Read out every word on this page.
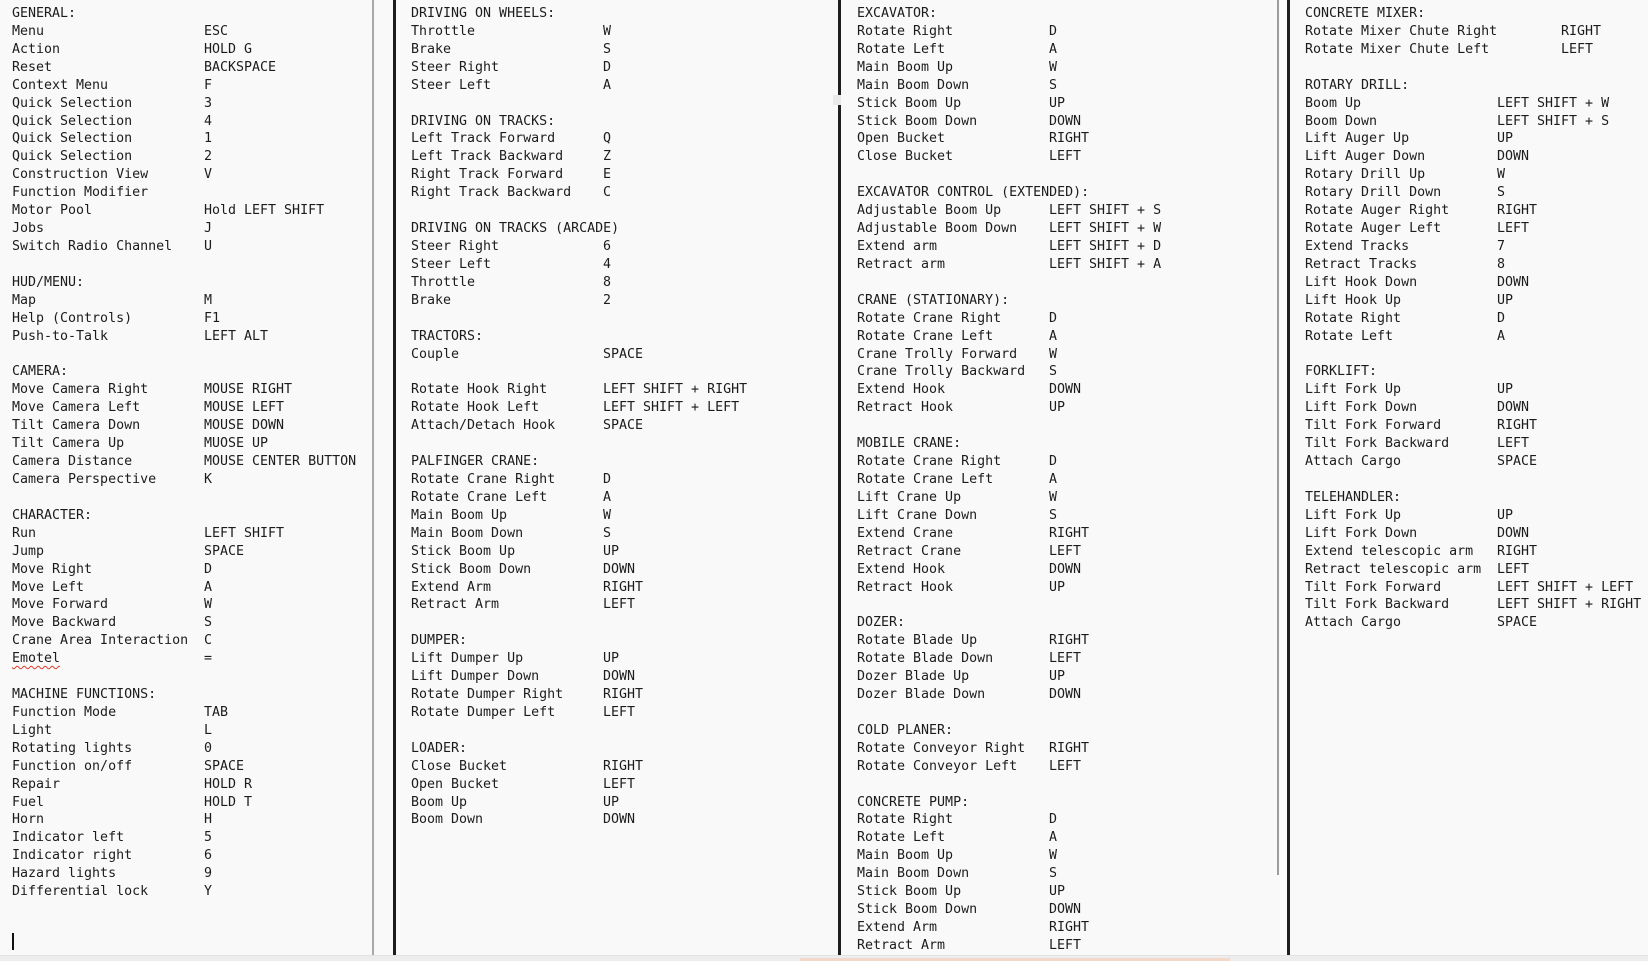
GENERAL:
Menu	ESC
Action	HOLD G
Reset	BACKSPACE
Context Menu	F
Quick Selection	3
Quick Selection	4
Quick Selection	1
Quick Selection	2
Construction View	V
Function Modifier
Motor Pool	Hold LEFT SHIFT
Jobs	J
Switch Radio Channel U
HUD/MENU:
Map	M
Help (Controls)	F1
Push-to-Talk	LEFT ALT
CAMERA:
Move Camera Right	MOUSE RIGHT
Move Camera Left	MOUSE LEFT
Tilt Camera Down	MOUSE DOWN
Tilt Camera Up	MUOSE UP
Camera Distance	MOUSE CENTER BUTTON
Camera Perspective	K
CHARACTER:
Run	LEFT SHIFT
Jump	SPACE
Move Right	D
Move Left	A
Move Forward	W
Move Backward	S
Crane Area Interaction C
Emotel	=
MACHINE FUNCTIONS:
Function Mode	TAB
Light	L
Rotating lights	0
Function on/off	SPACE
Repair	HOLD R
Fuel	HOLD T
Horn	H
Indicator left	5
Indicator right	6
Hazard lights	9
Differential lock	Y
DRIVING ON WHEELS:
Throttle	W
Brake	S
Steer Right	D
Steer Left	A
DRIVING ON TRACKS:
Left Track Forward	Q
Left Track Backward	Z
Right Track Forward	E
Right Track Backward C
DRIVING ON TRACKS (ARCADE)
Steer Right	6
Steer Left	4
Throttle	8
Brake	2
TRACTORS:
Couple	SPACE
Rotate Hook Right	LEFT SHIFT + RIGHT
Rotate Hook Left	LEFT SHIFT + LEFT
Attach/Detach Hook	SPACE
PALFINGER CRANE:
Rotate Crane Right	D
Rotate Crane Left	A
Main Boom Up	W
Main Boom Down	S
Stick Boom Up	UP
Stick Boom Down	DOWN
Extend Arm	RIGHT
Retract Arm	LEFT
DUMPER:
Lift Dumper Up	UP
Lift Dumper Down	DOWN
Rotate Dumper Right	RIGHT
Rotate Dumper Left	LEFT
LOADER:
Close Bucket	RIGHT
Open Bucket	LEFT
Boom Up	UP
Boom Down	DOWN
EXCAVATOR:
Rotate Right	D
Rotate Left	A
Main Boom Up	W
Main Boom Down	S
Stick Boom Up	UP
Stick Boom Down	DOWN
Open Bucket	RIGHT
Close Bucket	LEFT
EXCAVATOR CONTROL (EXTENDED):
Adjustable Boom Up	LEFT SHIFT + S
Adjustable Boom Down LEFT SHIFT + W
Extend arm	LEFT SHIFT + D
Retract arm	LEFT SHIFT + A
CRANE (STATIONARY):
Rotate Crane Right	D
Rotate Crane Left	A
Crane Trolly Forward W
Crane Trolly Backward S
Extend Hook	DOWN
Retract Hook	UP
MOBILE CRANE:
Rotate Crane Right	D
Rotate Crane Left	A
Lift Crane Up	W
Lift Crane Down	S
Extend Crane	RIGHT
Retract Crane	LEFT
Extend Hook	DOWN
Retract Hook	UP
DOZER:
Rotate Blade Up	RIGHT
Rotate Blade Down	LEFT
Dozer Blade Up	UP
Dozer Blade Down	DOWN
COLD PLANER:
Rotate Conveyor Right RIGHT
Rotate Conveyor Left LEFT
CONCRETE PUMP:
Rotate Right	D
Rotate Left	A
Main Boom Up	W
Main Boom Down	S
Stick Boom Up	UP
Stick Boom Down	DOWN
Extend Arm	RIGHT
Retract Arm	LEFT
CONCRETE MIXER:
Rotate Mixer Chute Right	RIGHT
Rotate Mixer Chute Left	LEFT
ROTARY DRILL:
Boom Up	LEFT SHIFT + W
Boom Down	LEFT SHIFT + S
Lift Auger Up	UP
Lift Auger Down	DOWN
Rotary Drill Up	W
Rotary Drill Down	S
Rotate Auger Right	RIGHT
Rotate Auger Left	LEFT
Extend Tracks	7
Retract Tracks	8
Lift Hook Down	DOWN
Lift Hook Up	UP
Rotate Right	D
Rotate Left	A
FORKLIFT:
Lift Fork Up	UP
Lift Fork Down	DOWN
Tilt Fork Forward	RIGHT
Tilt Fork Backward	LEFT
Attach Cargo	SPACE
TELEHANDLER:
Lift Fork Up	UP
Lift Fork Down	DOWN
Extend telescopic arm RIGHT
Retract telescopic arm LEFT
Tilt Fork Forward	LEFT SHIFT + LEFT
Tilt Fork Backward	LEFT SHIFT + RIGHT
Attach Cargo	SPACE
